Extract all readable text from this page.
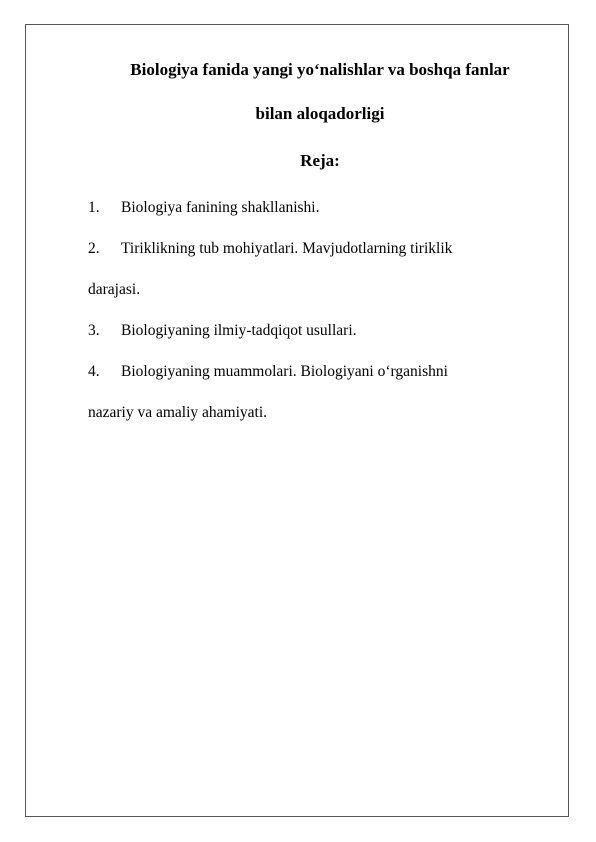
Biologiya fanida yangi yo‘nalishlar va boshqa fanlar
bilan aloqadorligi
Reja:
1. Biologiya fanining shakllanishi.
2. Tiriklikning tub mohiyatlari. Mavjudotlarning tiriklik
darajasi.
3. Biologiyaning ilmiy-tadqiqot usullari.
4. Biologiyaning muammolari. Biologiyani o‘rganishni
nazariy va amaliy ahamiyati.
